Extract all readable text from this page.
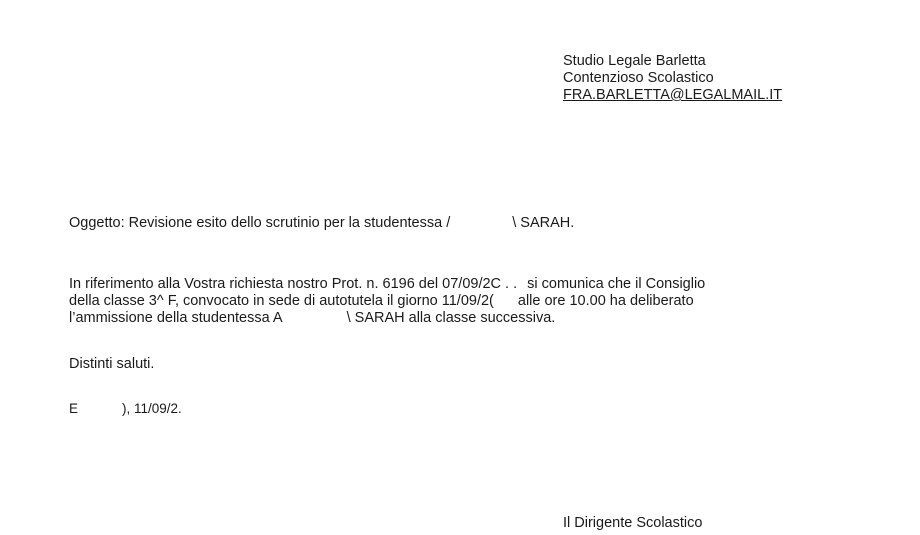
Studio Legale Barletta
Contenzioso Scolastico
FRA.BARLETTA@LEGALMAIL.IT
Oggetto: Revisione esito dello scrutinio per la studentessa /	\ SARAH.
In riferimento alla Vostra richiesta nostro Prot. n. 6196 del 07/09/2C . . si comunica che il Consiglio
della classe 3^ F, convocato in sede di autotutela il giorno 11/09/2( alle ore 10.00 ha deliberato
l’ammissione della studentessa A	\ SARAH alla classe successiva.
Distinti saluti.
E	), 11/09/2.
Il Dirigente Scolastico
